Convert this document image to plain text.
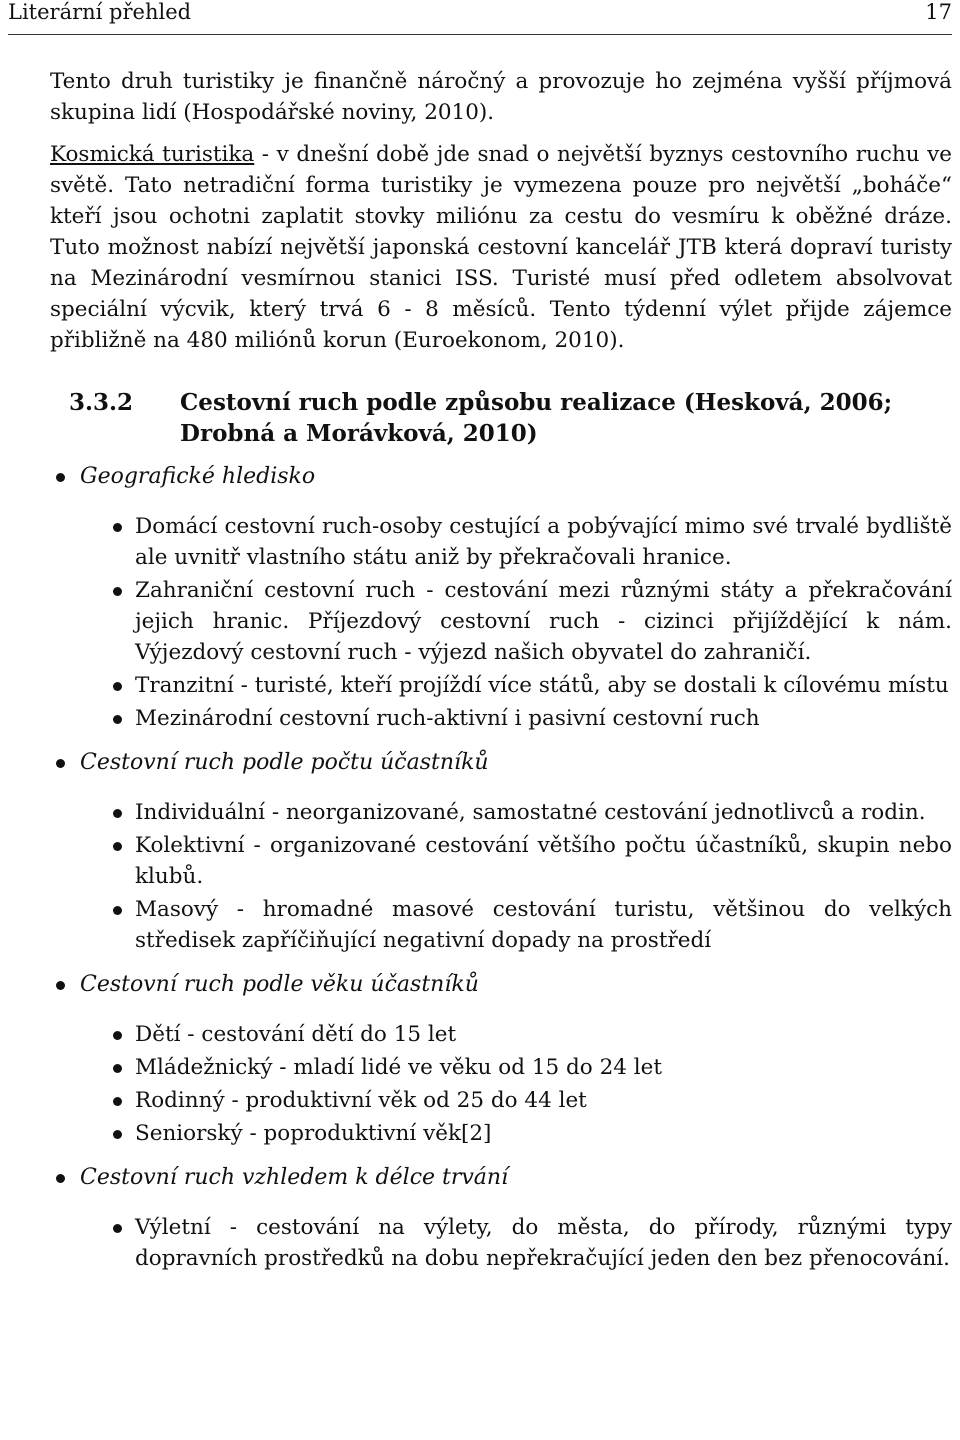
Literární přehled	17

Tento druh turistiky je finančně náročný a provozuje ho zejména vyšší příjmová skupina lidí (Hospodářské noviny, 2010).

Kosmická turistika - v dnešní době jde snad o největší byznys cestovního ruchu ve světě. Tato netradiční forma turistiky je vymezena pouze pro největší „boháče“ kteří jsou ochotni zaplatit stovky miliónu za cestu do vesmíru k oběžné dráze. Tuto možnost nabízí největší japonská cestovní kancelář JTB která dopraví turisty na Mezinárodní vesmírnou stanici ISS. Turisté musí před odletem absolvovat speciální výcvik, který trvá 6 - 8 měsíců. Tento týdenní výlet přijde zájemce přibližně na 480 miliónů korun (Euroekonom, 2010).

3.3.2	Cestovní ruch podle způsobu realizace (Hesková, 2006; Drobná a Morávková, 2010)
Geografické hledisko
Domácí cestovní ruch-osoby cestující a pobývající mimo své trvalé bydliště ale uvnitř vlastního státu aniž by překračovali hranice.
Zahraniční cestovní ruch - cestování mezi různými státy a překračování jejich hranic. Příjezdový cestovní ruch - cizinci přijíždějící k nám. Výjezdový cestovní ruch - výjezd našich obyvatel do zahraničí.
Tranzitní - turisté, kteří projíždí více států, aby se dostali k cílovému místu
Mezinárodní cestovní ruch-aktivní i pasivní cestovní ruch
Cestovní ruch podle počtu účastníků
Individuální - neorganizované, samostatné cestování jednotlivců a rodin.
Kolektivní - organizované cestování většího počtu účastníků, skupin nebo klubů.
Masový - hromadné masové cestování turistu, většinou do velkých středisek zapříčiňující negativní dopady na prostředí
Cestovní ruch podle věku účastníků
Dětí - cestování dětí do 15 let
Mládežnický - mladí lidé ve věku od 15 do 24 let
Rodinný - produktivní věk od 25 do 44 let
Seniorský - poproduktivní věk[2]
Cestovní ruch vzhledem k délce trvání
Výletní - cestování na výlety, do města, do přírody, různými typy dopravních prostředků na dobu nepřekračující jeden den bez přenocování.
